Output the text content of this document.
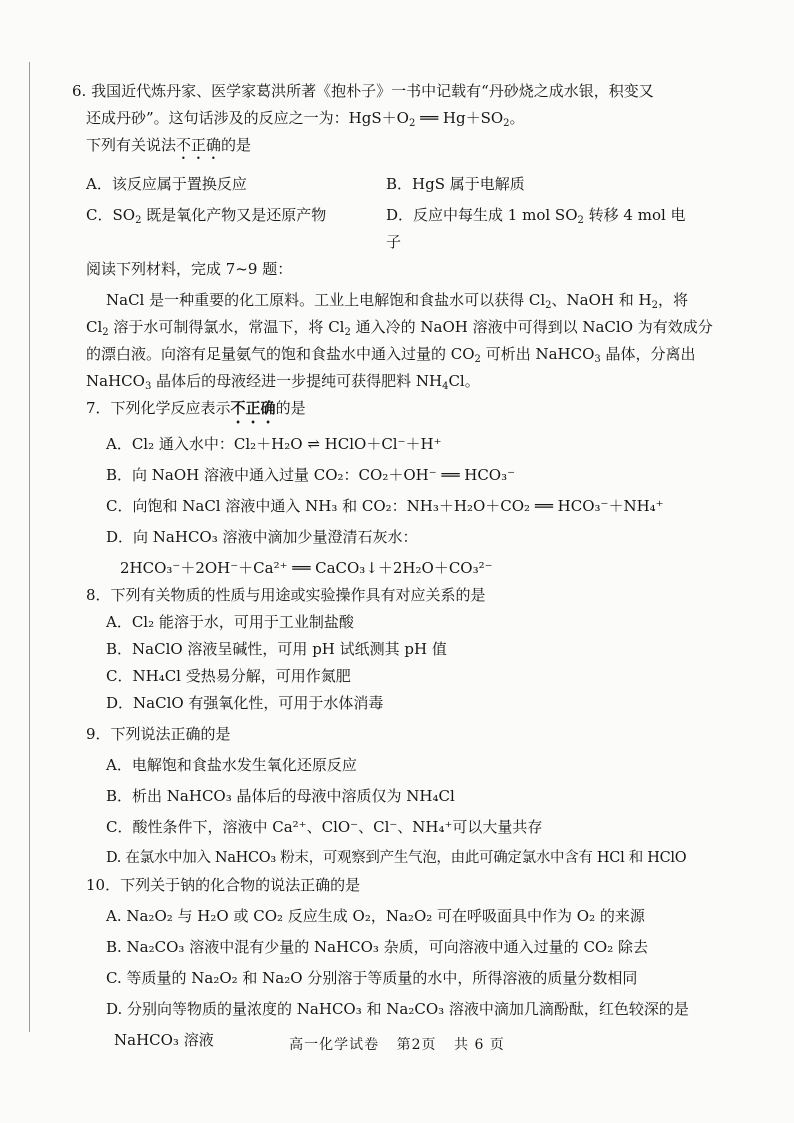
6. 我国近代炼丹家、医学家葛洪所著《抱朴子》一书中记载有“丹砂烧之成水银，积变又
还成丹砂”。这句话涉及的反应之一为：$HgS+O_2$ ══ $Hg+SO_2$。
下列有关说法不正确的是
A．该反应属于置换反应	B．HgS 属于电解质
C．$SO_2$ 既是氧化产物又是还原产物	D．反应中每生成 1 mol $SO_2$ 转移 4 mol 电子
阅读下列材料，完成 7~9 题：
NaCl 是一种重要的化工原料。工业上电解饱和食盐水可以获得 $Cl_2$、NaOH 和 $H_2$，将
$Cl_2$ 溶于水可制得氯水，常温下，将 $Cl_2$ 通入冷的 NaOH 溶液中可得到以 NaClO 为有效成分
的漂白液。向溶有足量氨气的饱和食盐水中通入过量的 $CO_2$ 可析出 NaHCO$_3$ 晶体，分离出
NaHCO$_3$ 晶体后的母液经进一步提纯可获得肥料 $NH_4Cl$。
7．下列化学反应表示不正确的是
A．Cl₂ 通入水中：Cl₂＋H₂O ⇌ HClO＋Cl⁻＋H⁺
B．向 NaOH 溶液中通入过量 CO₂：CO₂＋OH⁻ ══ HCO₃⁻
C．向饱和 NaCl 溶液中通入 NH₃ 和 CO₂：NH₃＋H₂O＋CO₂ ══ HCO₃⁻＋NH₄⁺
D．向 NaHCO₃ 溶液中滴加少量澄清石灰水：
2HCO₃⁻＋2OH⁻＋Ca²⁺ ══ CaCO₃↓＋2H₂O＋CO₃²⁻
8．下列有关物质的性质与用途或实验操作具有对应关系的是
A．Cl₂ 能溶于水，可用于工业制盐酸
B．NaClO 溶液呈碱性，可用 pH 试纸测其 pH 值
C．NH₄Cl 受热易分解，可用作氮肥
D．NaClO 有强氧化性，可用于水体消毒
9．下列说法正确的是
A．电解饱和食盐水发生氧化还原反应
B．析出 NaHCO₃ 晶体后的母液中溶质仅为 NH₄Cl
C．酸性条件下，溶液中 Ca²⁺、ClO⁻、Cl⁻、NH₄⁺可以大量共存
D. 在氯水中加入 NaHCO₃ 粉末，可观察到产生气泡，由此可确定氯水中含有 HCl 和 HClO
10．下列关于钠的化合物的说法正确的是
A. Na₂O₂ 与 H₂O 或 CO₂ 反应生成 O₂，Na₂O₂ 可在呼吸面具中作为 O₂ 的来源
B. Na₂CO₃ 溶液中混有少量的 NaHCO₃ 杂质，可向溶液中通入过量的 CO₂ 除去
C. 等质量的 Na₂O₂ 和 Na₂O 分别溶于等质量的水中，所得溶液的质量分数相同
D. 分别向等物质的量浓度的 NaHCO₃ 和 Na₂CO₃ 溶液中滴加几滴酚酞，红色较深的是
NaHCO₃ 溶液	高一化学试卷 第2页 共 6 页
